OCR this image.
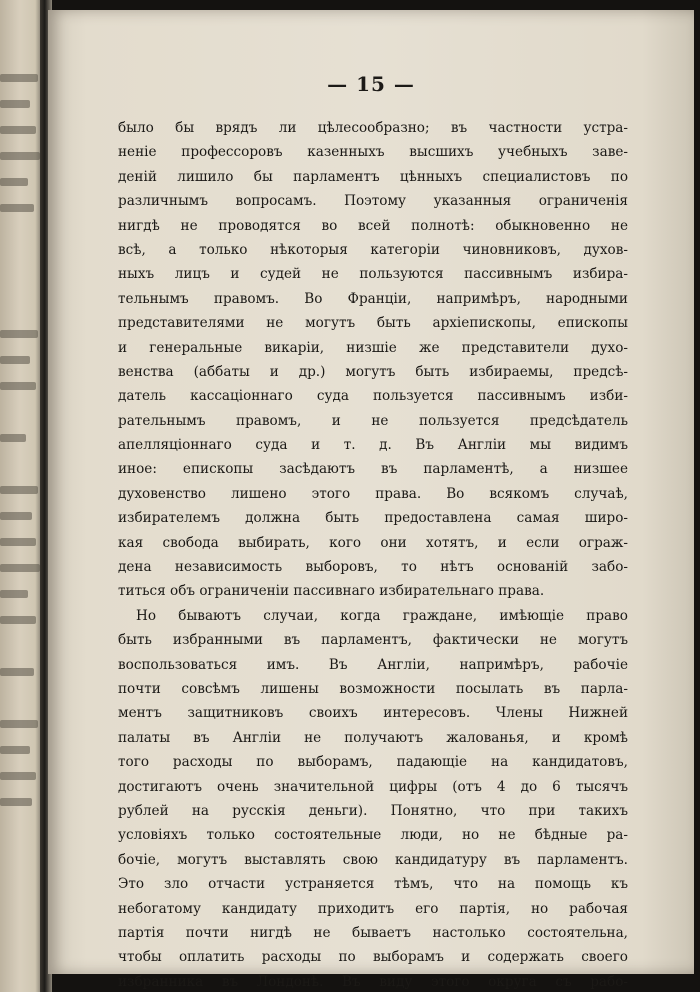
— 15 —
было бы врядъ ли цѣлесообразно; въ частности устра-
неніе профессоровъ казенныхъ высшихъ учебныхъ заве-
деній лишило бы парламентъ цѣнныхъ специалистовъ по
различнымъ вопросамъ. Поэтому указанныя ограниченія
нигдѣ не проводятся во всей полнотѣ: обыкновенно не
всѣ, а только нѣкоторыя категоріи чиновниковъ, духов-
ныхъ лицъ и судей не пользуются пассивнымъ избира-
тельнымъ правомъ. Во Франціи, напримѣръ, народными
представителями не могутъ быть архіепископы, епископы
и генеральные викаріи, низшіе же представители духо-
венства (аббаты и др.) могутъ быть избираемы, предсѣ-
датель кассаціоннаго суда пользуется пассивнымъ изби-
рательнымъ правомъ, и не пользуется предсѣдатель
апелляціоннаго суда и т. д. Въ Англіи мы видимъ
иное: епископы засѣдаютъ въ парламентѣ, а низшее
духовенство лишено этого права. Во всякомъ случаѣ,
избирателемъ должна быть предоставлена самая широ-
кая свобода выбирать, кого они хотятъ, и если ограж-
дена независимость выборовъ, то нѣтъ основаній забо-
титься объ ограниченіи пассивнаго избирательнаго права.
Но бываютъ случаи, когда граждане, имѣющіе право
быть избранными въ парламентъ, фактически не могутъ
воспользоваться имъ. Въ Англіи, напримѣръ, рабочіе
почти совсѣмъ лишены возможности посылать въ парла-
ментъ защитниковъ своихъ интересовъ. Члены Нижней
палаты въ Англіи не получаютъ жалованья, и кромѣ
того расходы по выборамъ, падающіе на кандидатовъ,
достигаютъ очень значительной цифры (отъ 4 до 6 тысячъ
рублей на русскія деньги). Понятно, что при такихъ
условіяхъ только состоятельные люди, но не бѣдные ра-
бочіе, могутъ выставлять свою кандидатуру въ парламентъ.
Это зло отчасти устраняется тѣмъ, что на помощь къ
небогатому кандидату приходитъ его партія, но рабочая
партія почти нигдѣ не бываетъ настолько состоятельна,
чтобы оплатить расходы по выборамъ и содержать своего
избранника въ Лондонѣ. Въ виду этого округа съ рабо-
